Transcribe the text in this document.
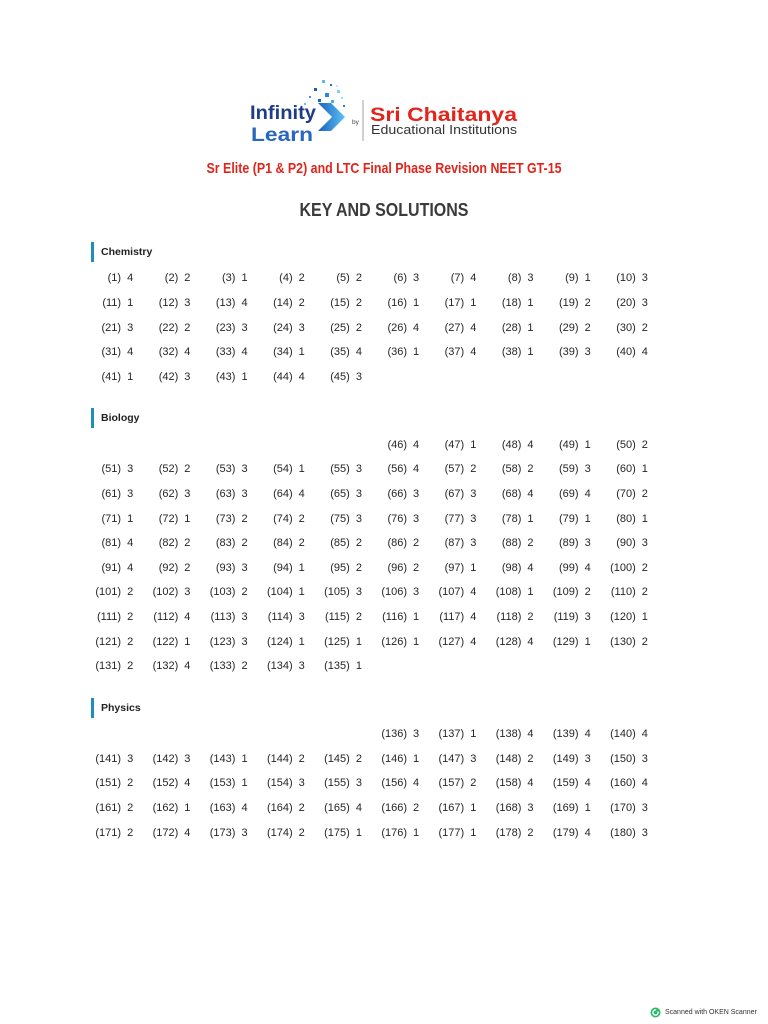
Infinity
Learn
by Sri Chaitanya
Educational Institutions
Sr Elite (P1 & P2) and LTC Final Phase Revision NEET GT-15
KEY AND SOLUTIONS
Chemistry
(1) 4	(2) 2	(3) 1	(4) 2	(5) 2	(6) 3	(7) 4	(8) 3	(9) 1	(10) 3
(11) 1	(12) 3	(13) 4	(14) 2	(15) 2	(16) 1	(17) 1	(18) 1	(19) 2	(20) 3
(21) 3	(22) 2	(23) 3	(24) 3	(25) 2	(26) 4	(27) 4	(28) 1	(29) 2	(30) 2
(31) 4	(32) 4	(33) 4	(34) 1	(35) 4	(36) 1	(37) 4	(38) 1	(39) 3	(40) 4
(41) 1	(42) 3	(43) 1	(44) 4	(45) 3
Biology
(46) 4	(47) 1	(48) 4	(49) 1	(50) 2
(51) 3	(52) 2	(53) 3	(54) 1	(55) 3	(56) 4	(57) 2	(58) 2	(59) 3	(60) 1
(61) 3	(62) 3	(63) 3	(64) 4	(65) 3	(66) 3	(67) 3	(68) 4	(69) 4	(70) 2
(71) 1	(72) 1	(73) 2	(74) 2	(75) 3	(76) 3	(77) 3	(78) 1	(79) 1	(80) 1
(81) 4	(82) 2	(83) 2	(84) 2	(85) 2	(86) 2	(87) 3	(88) 2	(89) 3	(90) 3
(91) 4	(92) 2	(93) 3	(94) 1	(95) 2	(96) 2	(97) 1	(98) 4	(99) 4	(100) 2
(101) 2	(102) 3	(103) 2	(104) 1	(105) 3	(106) 3	(107) 4	(108) 1	(109) 2	(110) 2
(111) 2	(112) 4	(113) 3	(114) 3	(115) 2	(116) 1	(117) 4	(118) 2	(119) 3	(120) 1
(121) 2	(122) 1	(123) 3	(124) 1	(125) 1	(126) 1	(127) 4	(128) 4	(129) 1	(130) 2
(131) 2	(132) 4	(133) 2	(134) 3	(135) 1
Physics
(136) 3	(137) 1	(138) 4	(139) 4	(140) 4
(141) 3	(142) 3	(143) 1	(144) 2	(145) 2	(146) 1	(147) 3	(148) 2	(149) 3	(150) 3
(151) 2	(152) 4	(153) 1	(154) 3	(155) 3	(156) 4	(157) 2	(158) 4	(159) 4	(160) 4
(161) 2	(162) 1	(163) 4	(164) 2	(165) 4	(166) 2	(167) 1	(168) 3	(169) 1	(170) 3
(171) 2	(172) 4	(173) 3	(174) 2	(175) 1	(176) 1	(177) 1	(178) 2	(179) 4	(180) 3
Scanned with OKEN Scanner
